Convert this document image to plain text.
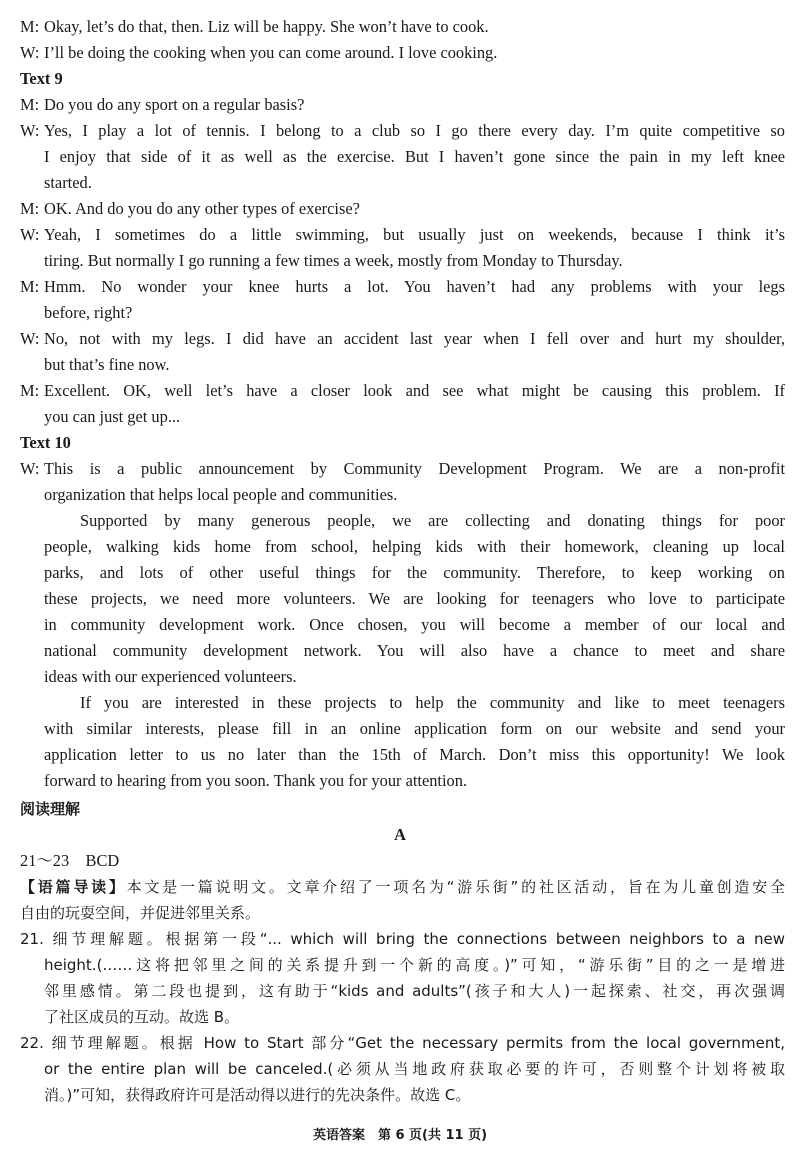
M: Okay, let’s do that, then. Liz will be happy. She won’t have to cook.
W: I’ll be doing the cooking when you can come around. I love cooking.
Text 9
M: Do you do any sport on a regular basis?
W: Yes, I play a lot of tennis. I belong to a club so I go there every day. I’m quite competitive so
I enjoy that side of it as well as the exercise. But I haven’t gone since the pain in my left knee
started.
M: OK. And do you do any other types of exercise?
W: Yeah, I sometimes do a little swimming, but usually just on weekends, because I think it’s
tiring. But normally I go running a few times a week, mostly from Monday to Thursday.
M: Hmm. No wonder your knee hurts a lot. You haven’t had any problems with your legs
before, right?
W: No, not with my legs. I did have an accident last year when I fell over and hurt my shoulder,
but that’s fine now.
M: Excellent. OK, well let’s have a closer look and see what might be causing this problem. If
you can just get up...
Text 10
W: This is a public announcement by Community Development Program. We are a non-profit
organization that helps local people and communities.
Supported by many generous people, we are collecting and donating things for poor
people, walking kids home from school, helping kids with their homework, cleaning up local
parks, and lots of other useful things for the community. Therefore, to keep working on
these projects, we need more volunteers. We are looking for teenagers who love to participate
in community development work. Once chosen, you will become a member of our local and
national community development network. You will also have a chance to meet and share
ideas with our experienced volunteers.
If you are interested in these projects to help the community and like to meet teenagers
with similar interests, please fill in an online application form on our website and send your
application letter to us no later than the 15th of March. Don’t miss this opportunity! We look
forward to hearing from you soon. Thank you for your attention.
阅读理解
A
21～23　BCD
【语篇导读】本文是一篇说明文。文章介绍了一项名为“游乐街”的社区活动，旨在为儿童创造安全
自由的玩耍空间，并促进邻里关系。
21. 细节理解题。根据第一段“... which will bring the connections between neighbors to a new
height.(……这将把邻里之间的关系提升到一个新的高度。)”可知，“游乐街”目的之一是增进
邻里感情。第二段也提到，这有助于“kids and adults”(孩子和大人)一起探索、社交，再次强调
了社区成员的互动。故选 B。
22. 细节理解题。根据 How to Start 部分“Get the necessary permits from the local government,
or the entire plan will be canceled.(必须从当地政府获取必要的许可，否则整个计划将被取
消。)”可知，获得政府许可是活动得以进行的先决条件。故选 C。
英语答案　第 6 页(共 11 页)
